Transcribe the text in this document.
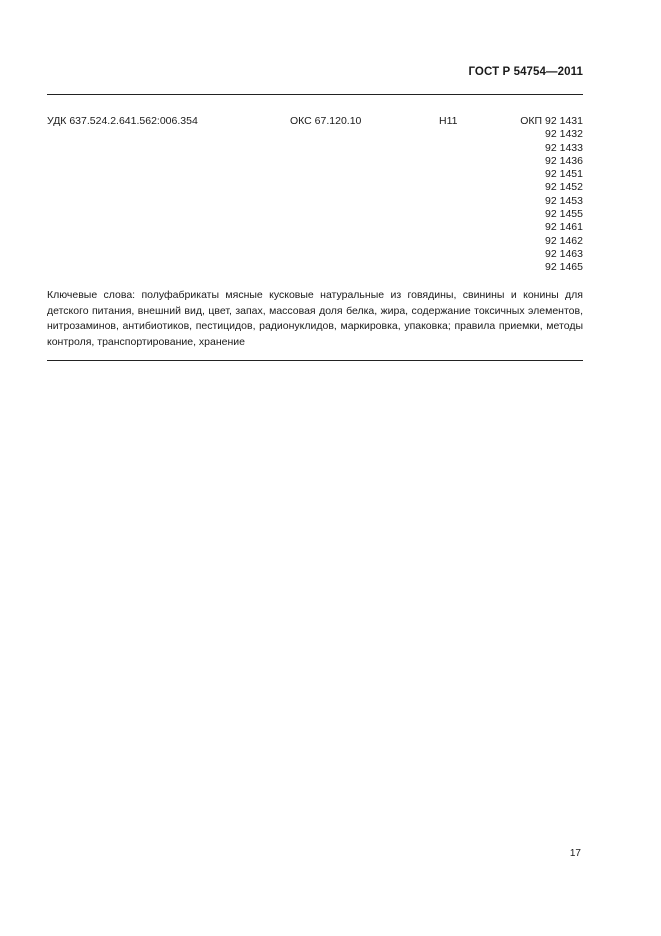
ГОСТ Р 54754—2011
УДК 637.524.2.641.562:006.354	ОКС 67.120.10	Н11	ОКП 92 1431
92 1432
92 1433
92 1436
92 1451
92 1452
92 1453
92 1455
92 1461
92 1462
92 1463
92 1465
Ключевые слова: полуфабрикаты мясные кусковые натуральные из говядины, свинины и конины для детского питания, внешний вид, цвет, запах, массовая доля белка, жира, содержание токсичных элементов, нитрозаминов, антибиотиков, пестицидов, радионуклидов, маркировка, упаковка; правила приемки, методы контроля, транспортирование, хранение
17
